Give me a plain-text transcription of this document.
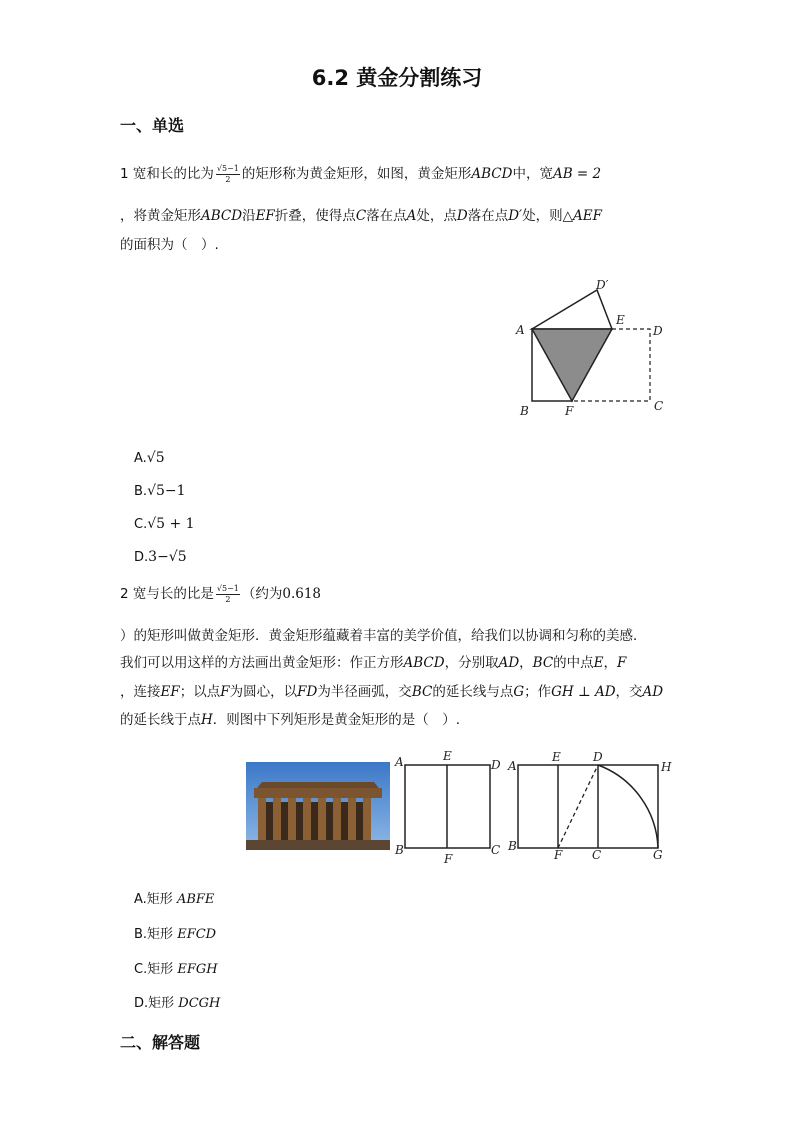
6.2 黄金分割练习
一、单选
1 宽和长的比为 $\frac{√5-1}{2}$ 的矩形称为黄金矩形，如图，黄金矩形ABCD中，宽AB = 2
，将黄金矩形ABCD沿EF折叠，使得点C落在点A处，点D落在点D′处，则△AEF
的面积为（　）.
A
B	C
D
E
F
D′
A.√5
B.√5−1
C.√5 + 1
D.3−√5
2 宽与长的比是 $\frac{√5-1}{2}$ （约为0.618
）的矩形叫做黄金矩形．黄金矩形蕴藏着丰富的美学价值，给我们以协调和匀称的美感．
我们可以用这样的方法画出黄金矩形：作正方形ABCD，分别取AD，BC的中点E，F
，连接EF；以点F为圆心，以FD为半径画弧，交BC的延长线与点G；作GH ⊥ AD，交AD
的延长线于点H．则图中下列矩形是黄金矩形的是（　）.
A
B	C
D
E
F
A
B
C
D
E
F	G
H
A.矩形 ABFE
B.矩形 EFCD
C.矩形 EFGH
D.矩形 DCGH
二、解答题
